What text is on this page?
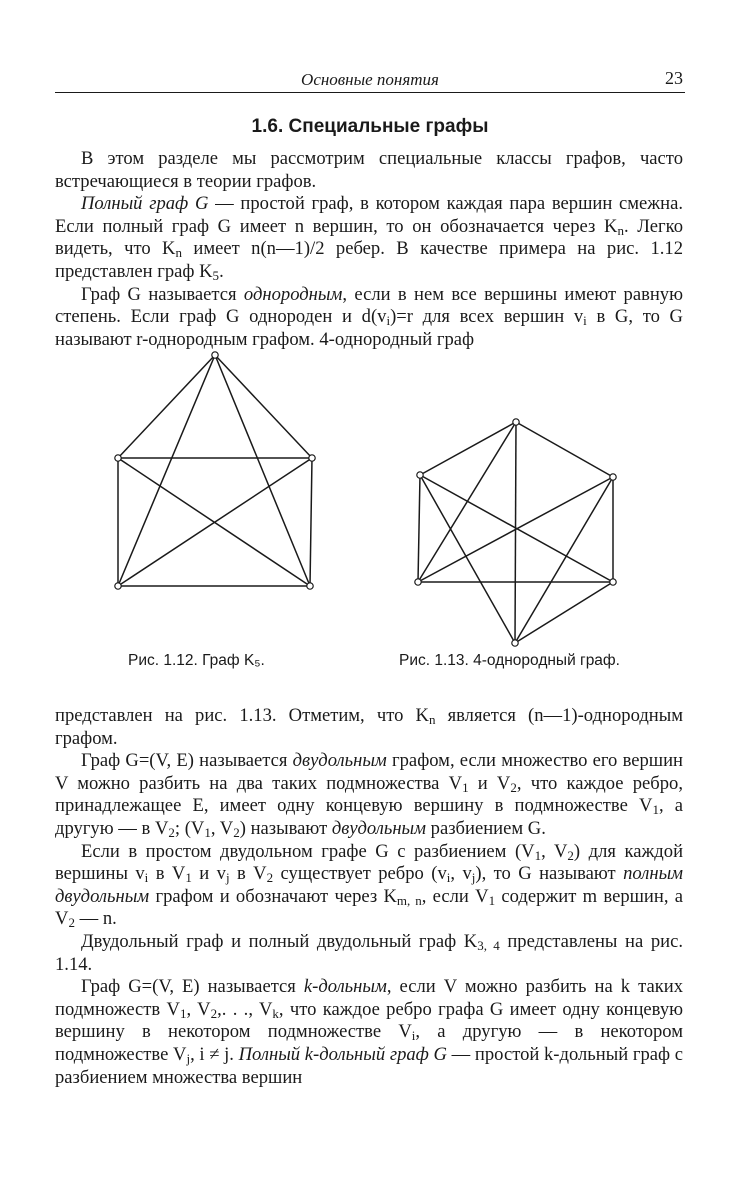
Основные понятия	23
1.6. Специальные графы

В этом разделе мы рассмотрим специальные классы графов, часто встречающиеся в теории графов.

Полный граф G — простой граф, в котором каждая пара вершин смежна. Если полный граф G имеет n вершин, то он обозначается через $K_n$. Легко видеть, что $K_n$ имеет n(n—1)/2 ребер. В качестве примера на рис. 1.12 представлен граф $K_5$.

Граф G называется однородным, если в нем все вершины имеют равную степень. Если граф G однороден и $d(v_i)=r$ для всех вершин $v_i$ в G, то G называют r-однородным графом. 4-однородный граф

Рис. 1.12. Граф K₅.	Рис. 1.13. 4-однородный граф.

представлен на рис. 1.13. Отметим, что $K_n$ является (n—1)-однородным графом.

Граф G=(V, E) называется двудольным графом, если множество его вершин V можно разбить на два таких подмножества $V_1$ и $V_2$, что каждое ребро, принадлежащее E, имеет одну концевую вершину в подмножестве $V_1$, а другую — в $V_2$; ($V_1$, $V_2$) называют двудольным разбиением G.

Если в простом двудольном графе G с разбиением ($V_1$, $V_2$) для каждой вершины $v_i$ в $V_1$ и $v_j$ в $V_2$ существует ребро ($v_i$, $v_j$), то G называют полным двудольным графом и обозначают через $K_{m, n}$, если $V_1$ содержит m вершин, а $V_2$ — n.

Двудольный граф и полный двудольный граф $K_{3, 4}$ представлены на рис. 1.14.

Граф G=(V, E) называется k-дольным, если V можно разбить на k таких подмножеств $V_1$, $V_2$,. . ., $V_k$, что каждое ребро графа G имеет одну концевую вершину в некотором подмножестве $V_i$, а другую — в некотором подмножестве $V_j$, i ≠ j. Полный k-дольный граф G — простой k-дольный граф с разбиением множества вершин
